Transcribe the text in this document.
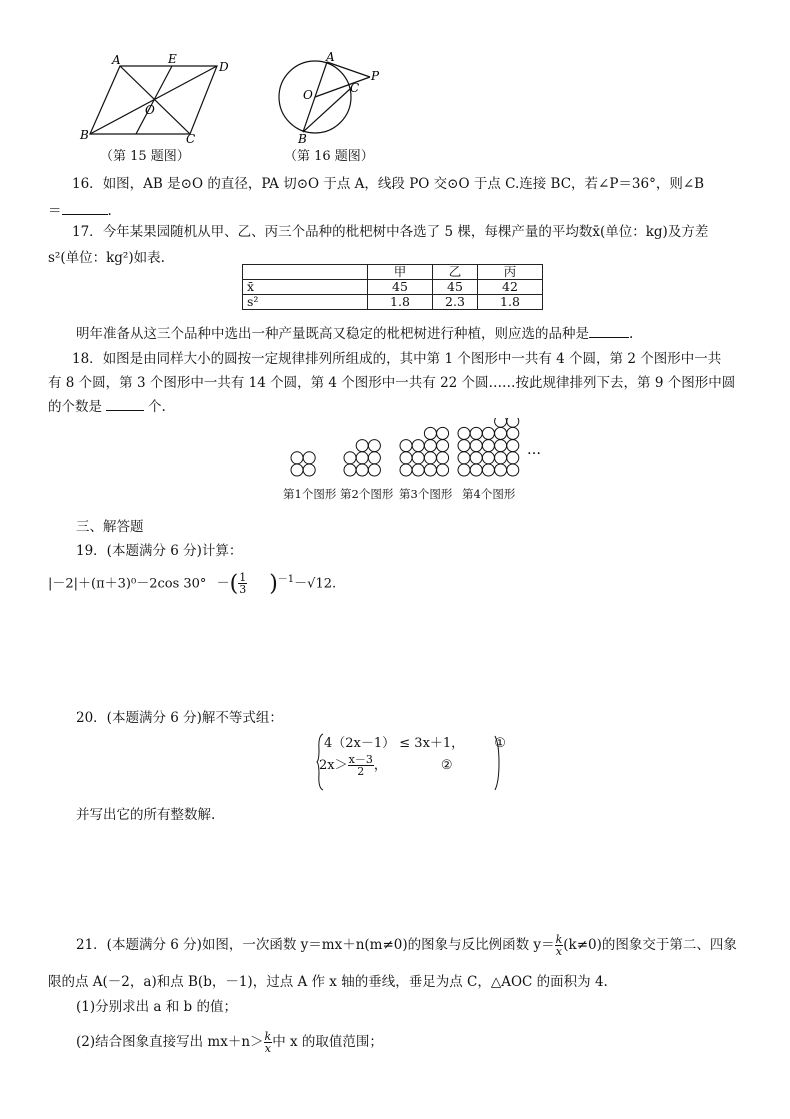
A	E
D
O
B	C
（第 15 题图）
A
P
O	C
B
（第 16 题图）
16．如图，AB 是⊙O 的直径，PA 切⊙O 于点 A，线段 PO 交⊙O 于点 C.连接 BC，若∠P＝36°，则∠B
＝	.
17．今年某果园随机从甲、乙、丙三个品种的枇杷树中各选了 5 棵，每棵产量的平均数x̄(单位：kg)及方差
s²(单位：kg²)如表.
	甲	乙	丙
x̄	45	45	42
s²	1.8	2.3	1.8
明年准备从这三个品种中选出一种产量既高又稳定的枇杷树进行种植，则应选的品种是	.
18．如图是由同样大小的圆按一定规律排列所组成的，其中第 1 个图形中一共有 4 个圆，第 2 个图形中一共
有 8 个圆，第 3 个图形中一共有 14 个圆，第 4 个图形中一共有 22 个圆……按此规律排列下去，第 9 个图形中圆
的个数是	个.
…
第1个图形 第2个图形 第3个图形 第4个图形
三、解答题
19．(本题满分 6 分)计算：
|－2|＋(π＋3)⁰－2cos 30° －( $\frac{1}{3} )^{-1}-√12$.
20．(本题满分 6 分)解不等式组：
4（2x－1） ≤ 3x＋1， ①
$2x> \frac{x-3}{2}$ ，	②
并写出它的所有整数解.
21．(本题满分 6 分)如图，一次函数 y＝mx＋n(m≠0)的图象与反比例函数 $y= \frac{k}{x} (k\ne 0)$的图象交于第二、四象
限的点 A(－2，a)和点 B(b，－1)，过点 A 作 x 轴的垂线，垂足为点 C，△AOC 的面积为 4.
(1)分别求出 a 和 b 的值；
(2)结合图象直接写出 $mx+n> \frac{k}{x}$ 中 x 的取值范围；
